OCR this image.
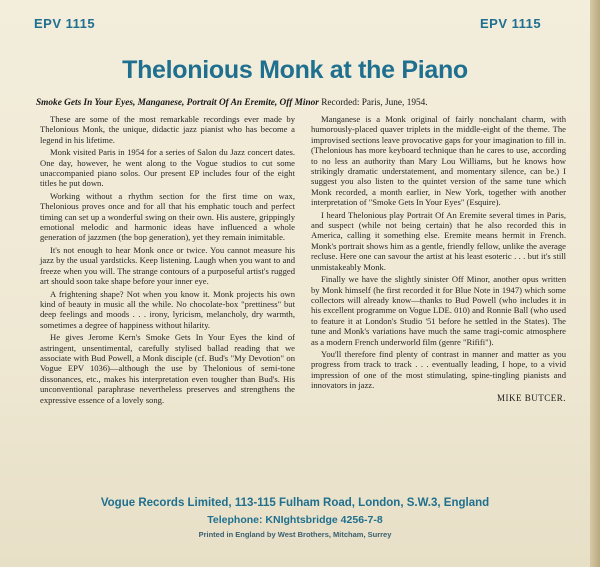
EPV 1115	EPV 1115
Thelonious Monk at the Piano
Smoke Gets In Your Eyes, Manganese, Portrait Of An Eremite, Off Minor Recorded: Paris, June, 1954.

These are some of the most remarkable recordings ever made by Thelonious Monk, the unique, didactic jazz pianist who has become a legend in his lifetime.

Monk visited Paris in 1954 for a series of Salon du Jazz concert dates. One day, however, he went along to the Vogue studios to cut some unaccompanied piano solos. Our present EP includes four of the eight titles he put down.

Working without a rhythm section for the first time on wax, Thelonious proves once and for all that his emphatic touch and perfect timing can set up a wonderful swing on their own. His austere, grippingly emotional melodic and harmonic ideas have influenced a whole generation of jazzmen (the bop generation), yet they remain inimitable.

It's not enough to hear Monk once or twice. You cannot measure his jazz by the usual yardsticks. Keep listening. Laugh when you want to and freeze when you will. The strange contours of a purposeful artist's rugged art should soon take shape before your inner eye.

A frightening shape? Not when you know it. Monk projects his own kind of beauty in music all the while. No chocolate-box "prettiness" but deep feelings and moods . . . irony, lyricism, melancholy, dry warmth, sometimes a degree of happiness without hilarity.

He gives Jerome Kern's Smoke Gets In Your Eyes the kind of astringent, unsentimental, carefully stylised ballad reading that we associate with Bud Powell, a Monk disciple (cf. Bud's "My Devotion" on Vogue EPV 1036)—although the use by Thelonious of semi-tone dissonances, etc., makes his interpretation even tougher than Bud's. His unconventional paraphrase nevertheless preserves and strengthens the expressive essence of a lovely song.

Manganese is a Monk original of fairly nonchalant charm, with humorously-placed quaver triplets in the middle-eight of the theme. The improvised sections leave provocative gaps for your imagination to fill in. (Thelonious has more keyboard technique than he cares to use, according to no less an authority than Mary Lou Williams, but he knows how strikingly dramatic understatement, and momentary silence, can be.) I suggest you also listen to the quintet version of the same tune which Monk recorded, a month earlier, in New York, together with another interpretation of "Smoke Gets In Your Eyes" (Esquire).

I heard Thelonious play Portrait Of An Eremite several times in Paris, and suspect (while not being certain) that he also recorded this in America, calling it something else. Eremite means hermit in French. Monk's portrait shows him as a gentle, friendly fellow, unlike the average recluse. Here one can savour the artist at his least esoteric . . . but it's still unmistakeably Monk.

Finally we have the slightly sinister Off Minor, another opus written by Monk himself (he first recorded it for Blue Note in 1947) which some collectors will already know—thanks to Bud Powell (who includes it in his excellent programme on Vogue LDE. 010) and Ronnie Ball (who used to feature it at London's Studio '51 before he settled in the States). The tune and Monk's variations have much the same tragi-comic atmosphere as a modern French underworld film (genre "Rififi").

You'll therefore find plenty of contrast in manner and matter as you progress from track to track . . . eventually leading, I hope, to a vivid impression of one of the most stimulating, spine-tingling pianists and innovators in jazz.

MIKE BUTCER.
Vogue Records Limited, 113-115 Fulham Road, London, S.W.3, England
Telephone: KNIghtsbridge 4256-7-8
Printed in England by West Brothers, Mitcham, Surrey
